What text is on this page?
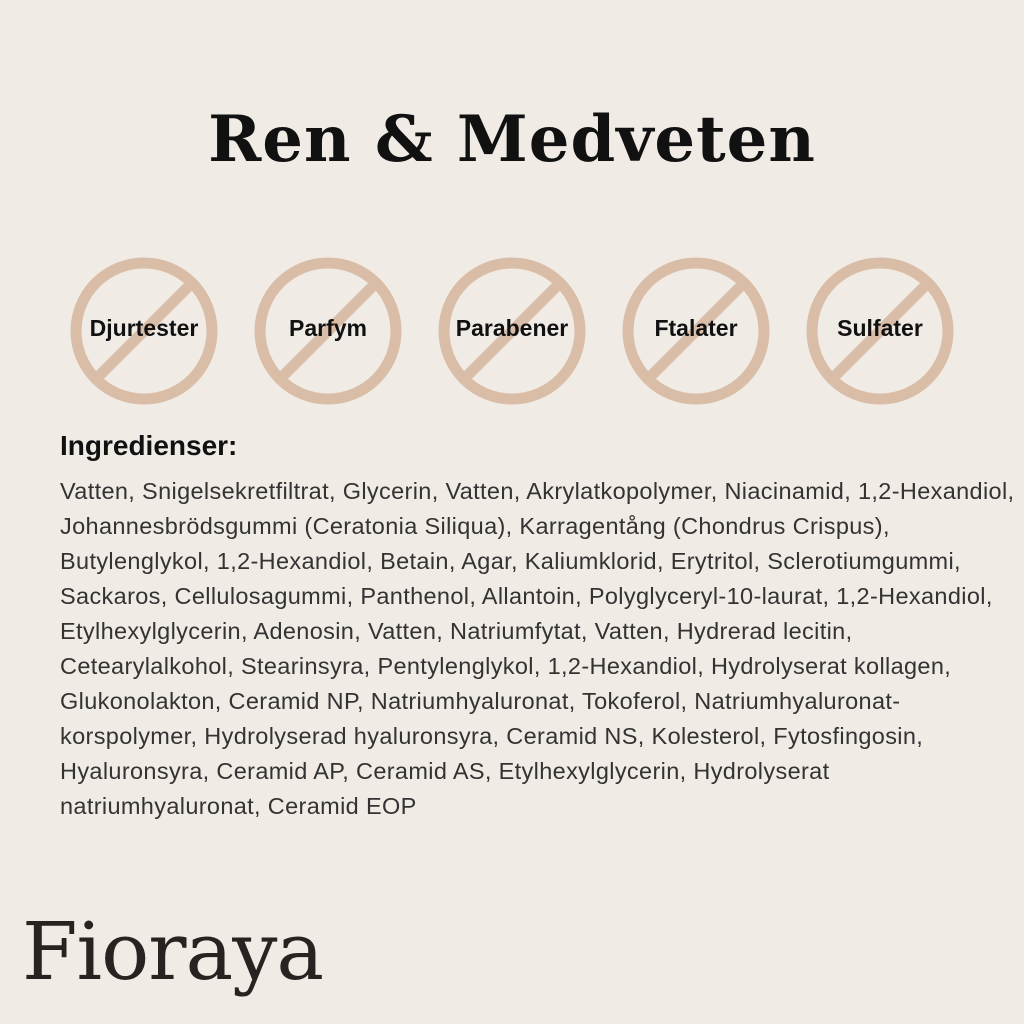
Ren & Medveten
Djurtester	Parfym	Parabener	Ftalater	Sulfater
Ingredienser:

Vatten, Snigelsekretfiltrat, Glycerin, Vatten, Akrylatkopolymer, Niacinamid, 1,2-Hexandiol, Johannesbrödsgummi (Ceratonia Siliqua), Karragentång (Chondrus Crispus), Butylenglykol, 1,2-Hexandiol, Betain, Agar, Kaliumklorid, Erytritol, Sclerotiumgummi, Sackaros, Cellulosagummi, Panthenol, Allantoin, Polyglyceryl-10-laurat, 1,2-Hexandiol, Etylhexylglycerin, Adenosin, Vatten, Natriumfytat, Vatten, Hydrerad lecitin, Cetearylalkohol, Stearinsyra, Pentylenglykol, 1,2-Hexandiol, Hydrolyserat kollagen, Glukonolakton, Ceramid NP, Natriumhyaluronat, Tokoferol, Natriumhyaluronat-korspolymer, Hydrolyserad hyaluronsyra, Ceramid NS, Kolesterol, Fytosfingosin, Hyaluronsyra, Ceramid AP, Ceramid AS, Etylhexylglycerin, Hydrolyserat natriumhyaluronat, Ceramid EOP

Fioraya
